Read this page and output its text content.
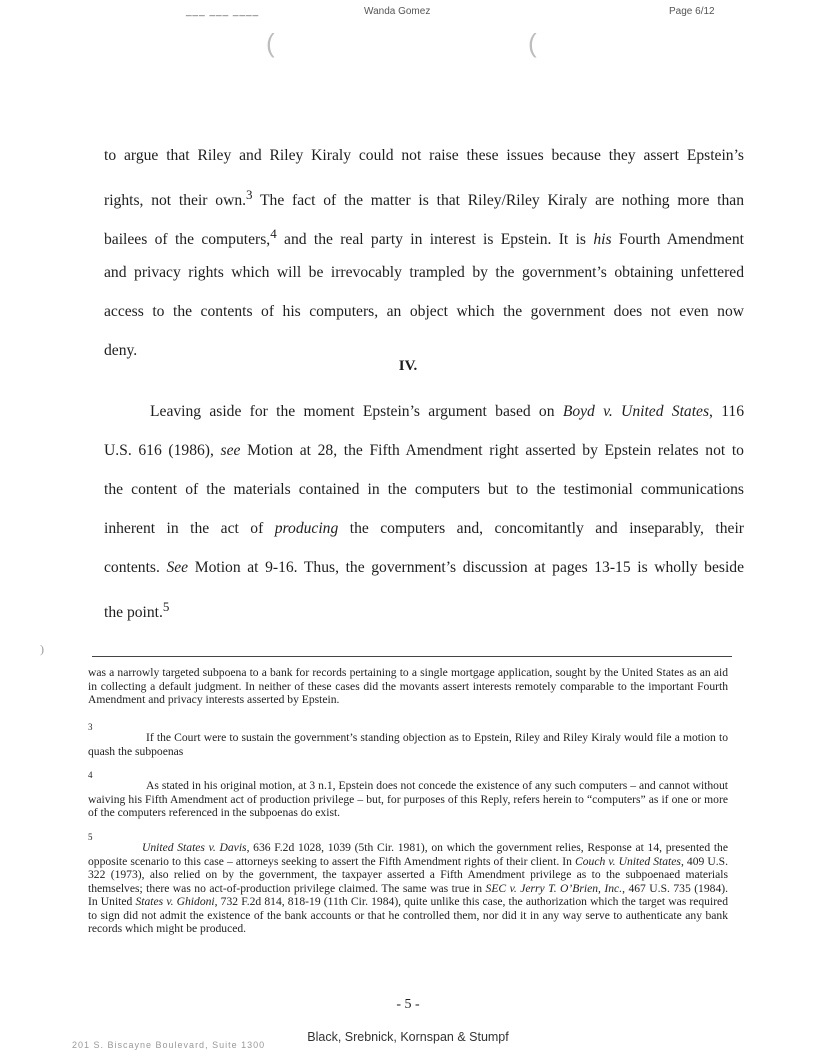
___ ___ ____	Wanda Gomez	Page 6/12
(	(
to argue that Riley and Riley Kiraly could not raise these issues because they assert Epstein’s
rights, not their own.$^3$ The fact of the matter is that Riley/Riley Kiraly are nothing more than
bailees of the computers,$^4$ and the real party in interest is Epstein. It is his Fourth Amendment
and privacy rights which will be irrevocably trampled by the government’s obtaining unfettered
access to the contents of his computers, an object which the government does not even now
deny.
IV.
Leaving aside for the moment Epstein’s argument based on Boyd v. United States, 116
U.S. 616 (1986), see Motion at 28, the Fifth Amendment right asserted by Epstein relates not to
the content of the materials contained in the computers but to the testimonial communications
inherent in the act of producing the computers and, concomitantly and inseparably, their
contents. See Motion at 9-16. Thus, the government’s discussion at pages 13-15 is wholly beside
the point.$^5$
)
was a narrowly targeted subpoena to a bank for records pertaining to a single mortgage application, sought by the United States as an aid in collecting a default judgment. In neither of these cases did the movants assert interests remotely comparable to the important Fourth Amendment and privacy interests asserted by Epstein.
3
If the Court were to sustain the government’s standing objection as to Epstein, Riley and Riley Kiraly would file a motion to quash the subpoenas
4
As stated in his original motion, at 3 n.1, Epstein does not concede the existence of any such computers – and cannot without waiving his Fifth Amendment act of production privilege – but, for purposes of this Reply, refers herein to “computers” as if one or more of the computers referenced in the subpoenas do exist.
5
United States v. Davis, 636 F.2d 1028, 1039 (5th Cir. 1981), on which the government relies, Response at 14, presented the opposite scenario to this case – attorneys seeking to assert the Fifth Amendment rights of their client. In Couch v. United States, 409 U.S. 322 (1973), also relied on by the government, the taxpayer asserted a Fifth Amendment privilege as to the subpoenaed materials themselves; there was no act-of-production privilege claimed. The same was true in SEC v. Jerry T. O’Brien, Inc., 467 U.S. 735 (1984). In United States v. Ghidoni, 732 F.2d 814, 818-19 (11th Cir. 1984), quite unlike this case, the authorization which the target was required to sign did not admit the existence of the bank accounts or that he controlled them, nor did it in any way serve to authenticate any bank records which might be produced.
- 5 -
Black, Srebnick, Kornspan & Stumpf
201 S. Biscayne Boulevard, Suite 1300
